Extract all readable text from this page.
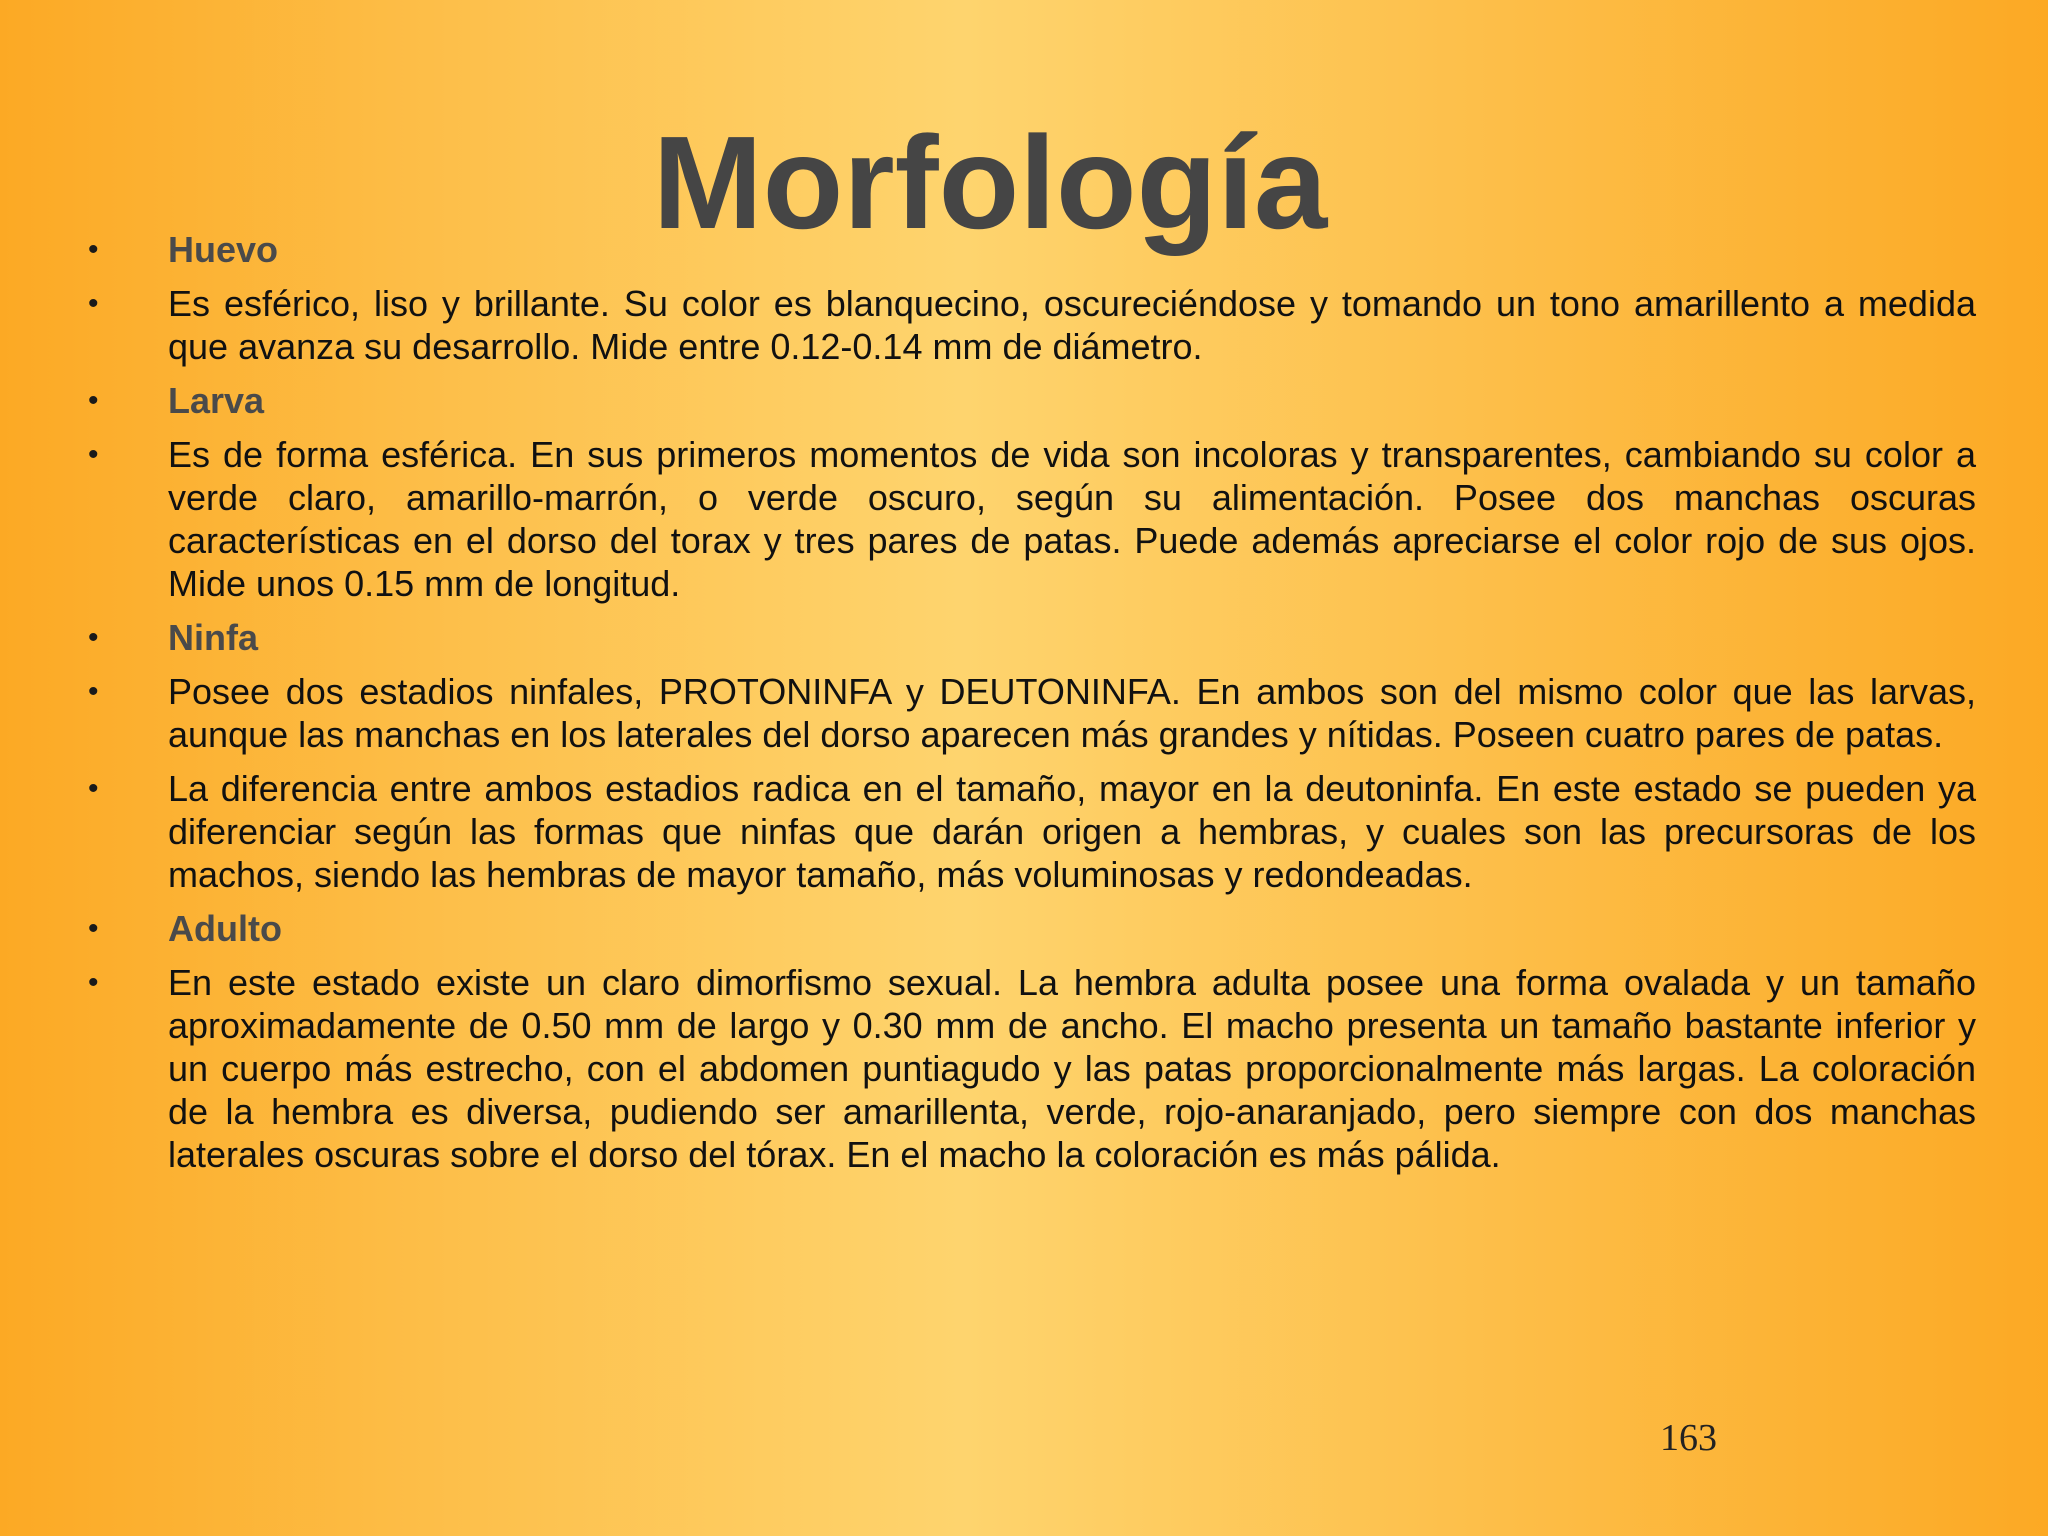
Morfología
•	Huevo
•	Es esférico, liso y brillante. Su color es blanquecino, oscureciéndose y tomando un tono amarillento a medida que avanza su desarrollo. Mide entre 0.12-0.14 mm de diámetro.
•	Larva
•	Es de forma esférica. En sus primeros momentos de vida son incoloras y transparentes, cambiando su color a verde claro, amarillo-marrón, o verde oscuro, según su alimentación. Posee dos manchas oscuras características en el dorso del torax y tres pares de patas. Puede además apreciarse el color rojo de sus ojos. Mide unos 0.15 mm de longitud.
•	Ninfa
•	Posee dos estadios ninfales, PROTONINFA y DEUTONINFA. En ambos son del mismo color que las larvas, aunque las manchas en los laterales del dorso aparecen más grandes y nítidas. Poseen cuatro pares de patas.
•	La diferencia entre ambos estadios radica en el tamaño, mayor en la deutoninfa. En este estado se pueden ya diferenciar según las formas que ninfas que darán origen a hembras, y cuales son las precursoras de los machos, siendo las hembras de mayor tamaño, más voluminosas y redondeadas.
•	Adulto
•	En este estado existe un claro dimorfismo sexual. La hembra adulta posee una forma ovalada y un tamaño aproximadamente de 0.50 mm de largo y 0.30 mm de ancho. El macho presenta un tamaño bastante inferior y un cuerpo más estrecho, con el abdomen puntiagudo y las patas proporcionalmente más largas. La coloración de la hembra es diversa, pudiendo ser amarillenta, verde, rojo-anaranjado, pero siempre con dos manchas laterales oscuras sobre el dorso del tórax. En el macho la coloración es más pálida.
163
